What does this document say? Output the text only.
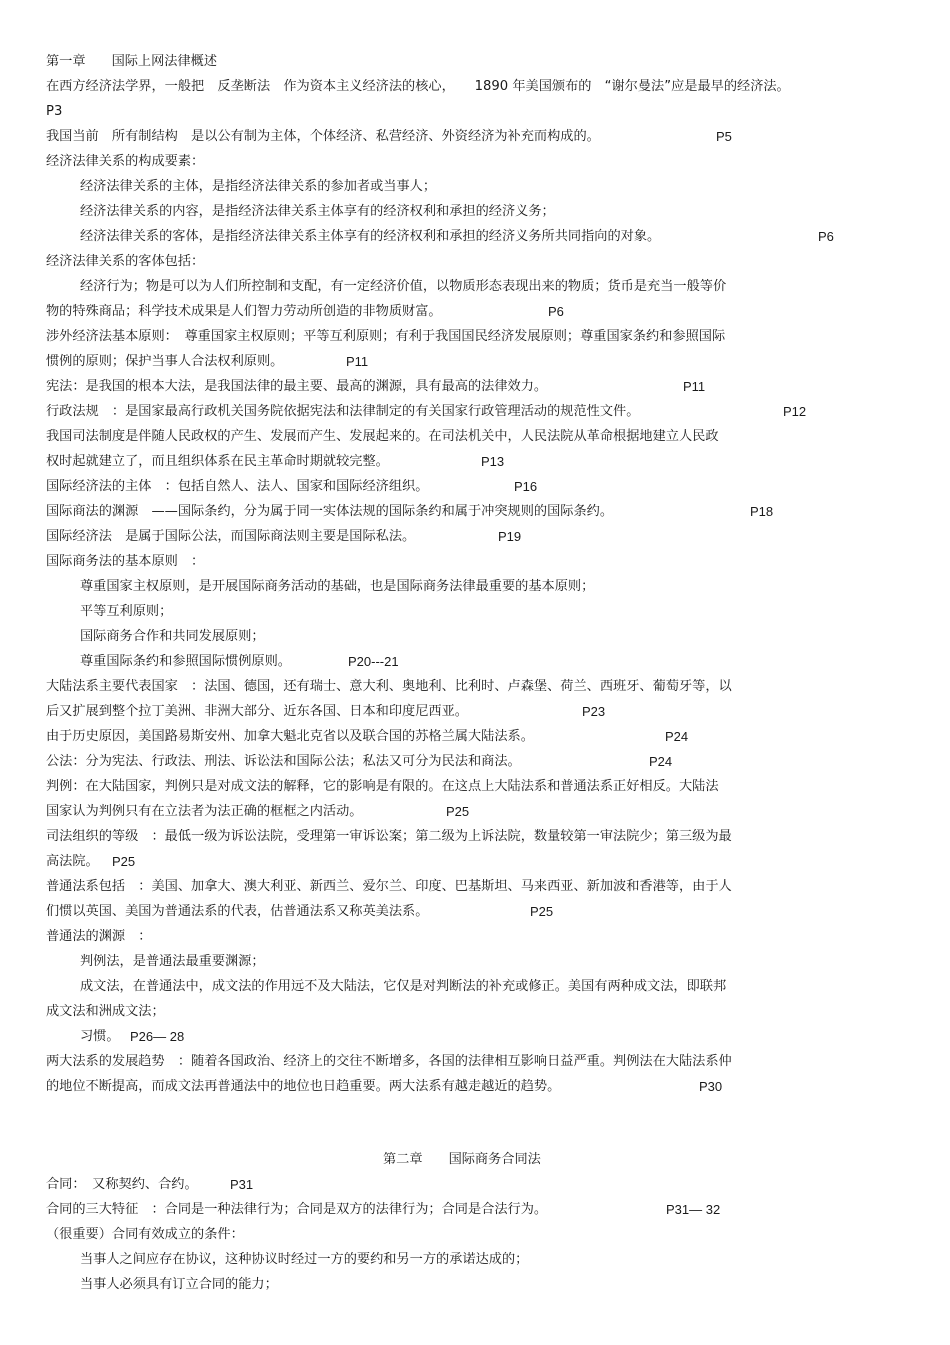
第一章 国际上网法律概述
在西方经济法学界，一般把　反垄断法　作为资本主义经济法的核心，　　1890 年美国颁布的　“谢尔曼法”应是最早的经济法。
P3
我国当前　所有制结构　是以公有制为主体，个体经济、私营经济、外资经济为补充而构成的。	P5
经济法律关系的构成要素：
经济法律关系的主体，是指经济法律关系的参加者或当事人；
经济法律关系的内容，是指经济法律关系主体享有的经济权利和承担的经济义务；
经济法律关系的客体，是指经济法律关系主体享有的经济权利和承担的经济义务所共同指向的对象。	P6
经济法律关系的客体包括：
经济行为；物是可以为人们所控制和支配，有一定经济价值，以物质形态表现出来的物质；货币是充当一般等价
物的特殊商品；科学技术成果是人们智力劳动所创造的非物质财富。	P6
涉外经济法基本原则：　尊重国家主权原则；平等互利原则；有利于我国国民经济发展原则；尊重国家条约和参照国际
惯例的原则；保护当事人合法权利原则。	P11
宪法：是我国的根本大法，是我国法律的最主要、最高的渊源，具有最高的法律效力。	P11
行政法规　：是国家最高行政机关国务院依据宪法和法律制定的有关国家行政管理活动的规范性文件。	P12
我国司法制度是伴随人民政权的产生、发展而产生、发展起来的。在司法机关中，人民法院从革命根据地建立人民政
权时起就建立了，而且组织体系在民主革命时期就较完整。	P13
国际经济法的主体　：包括自然人、法人、国家和国际经济组织。	P16
国际商法的渊源　——国际条约，分为属于同一实体法规的国际条约和属于冲突规则的国际条约。	P18
国际经济法　是属于国际公法，而国际商法则主要是国际私法。	P19
国际商务法的基本原则　：
尊重国家主权原则，是开展国际商务活动的基础，也是国际商务法律最重要的基本原则；
平等互利原则；
国际商务合作和共同发展原则；
尊重国际条约和参照国际惯例原则。	P20---21
大陆法系主要代表国家　：法国、德国，还有瑞士、意大利、奥地利、比利时、卢森堡、荷兰、西班牙、葡萄牙等，以
后又扩展到整个拉丁美洲、非洲大部分、近东各国、日本和印度尼西亚。	P23
由于历史原因，美国路易斯安州、加拿大魁北克省以及联合国的苏格兰属大陆法系。	P24
公法：分为宪法、行政法、刑法、诉讼法和国际公法；私法又可分为民法和商法。	P24
判例：在大陆国家，判例只是对成文法的解释，它的影响是有限的。在这点上大陆法系和普通法系正好相反。大陆法
国家认为判例只有在立法者为法正确的框框之内活动。	P25
司法组织的等级　：最低一级为诉讼法院，受理第一审诉讼案；第二级为上诉法院，数量较第一审法院少；第三级为最
高法院。 P25
普通法系包括　：美国、加拿大、澳大利亚、新西兰、爱尔兰、印度、巴基斯坦、马来西亚、新加波和香港等，由于人
们惯以英国、美国为普通法系的代表，估普通法系又称英美法系。	P25
普通法的渊源　：
判例法，是普通法最重要渊源；
成文法，在普通法中，成文法的作用远不及大陆法，它仅是对判断法的补充或修正。美国有两种成文法，即联邦
成文法和洲成文法；
习惯。 P26— 28
两大法系的发展趋势　：随着各国政治、经济上的交往不断增多，各国的法律相互影响日益严重。判例法在大陆法系仲
的地位不断提高，而成文法再普通法中的地位也日趋重要。两大法系有越走越近的趋势。	P30
第二章 国际商务合同法
合同：　又称契约、合约。 P31
合同的三大特征　：合同是一种法律行为；合同是双方的法律行为；合同是合法行为。	P31— 32
（很重要）合同有效成立的条件：
当事人之间应存在协议，这种协议时经过一方的要约和另一方的承诺达成的；
当事人必须具有订立合同的能力；
